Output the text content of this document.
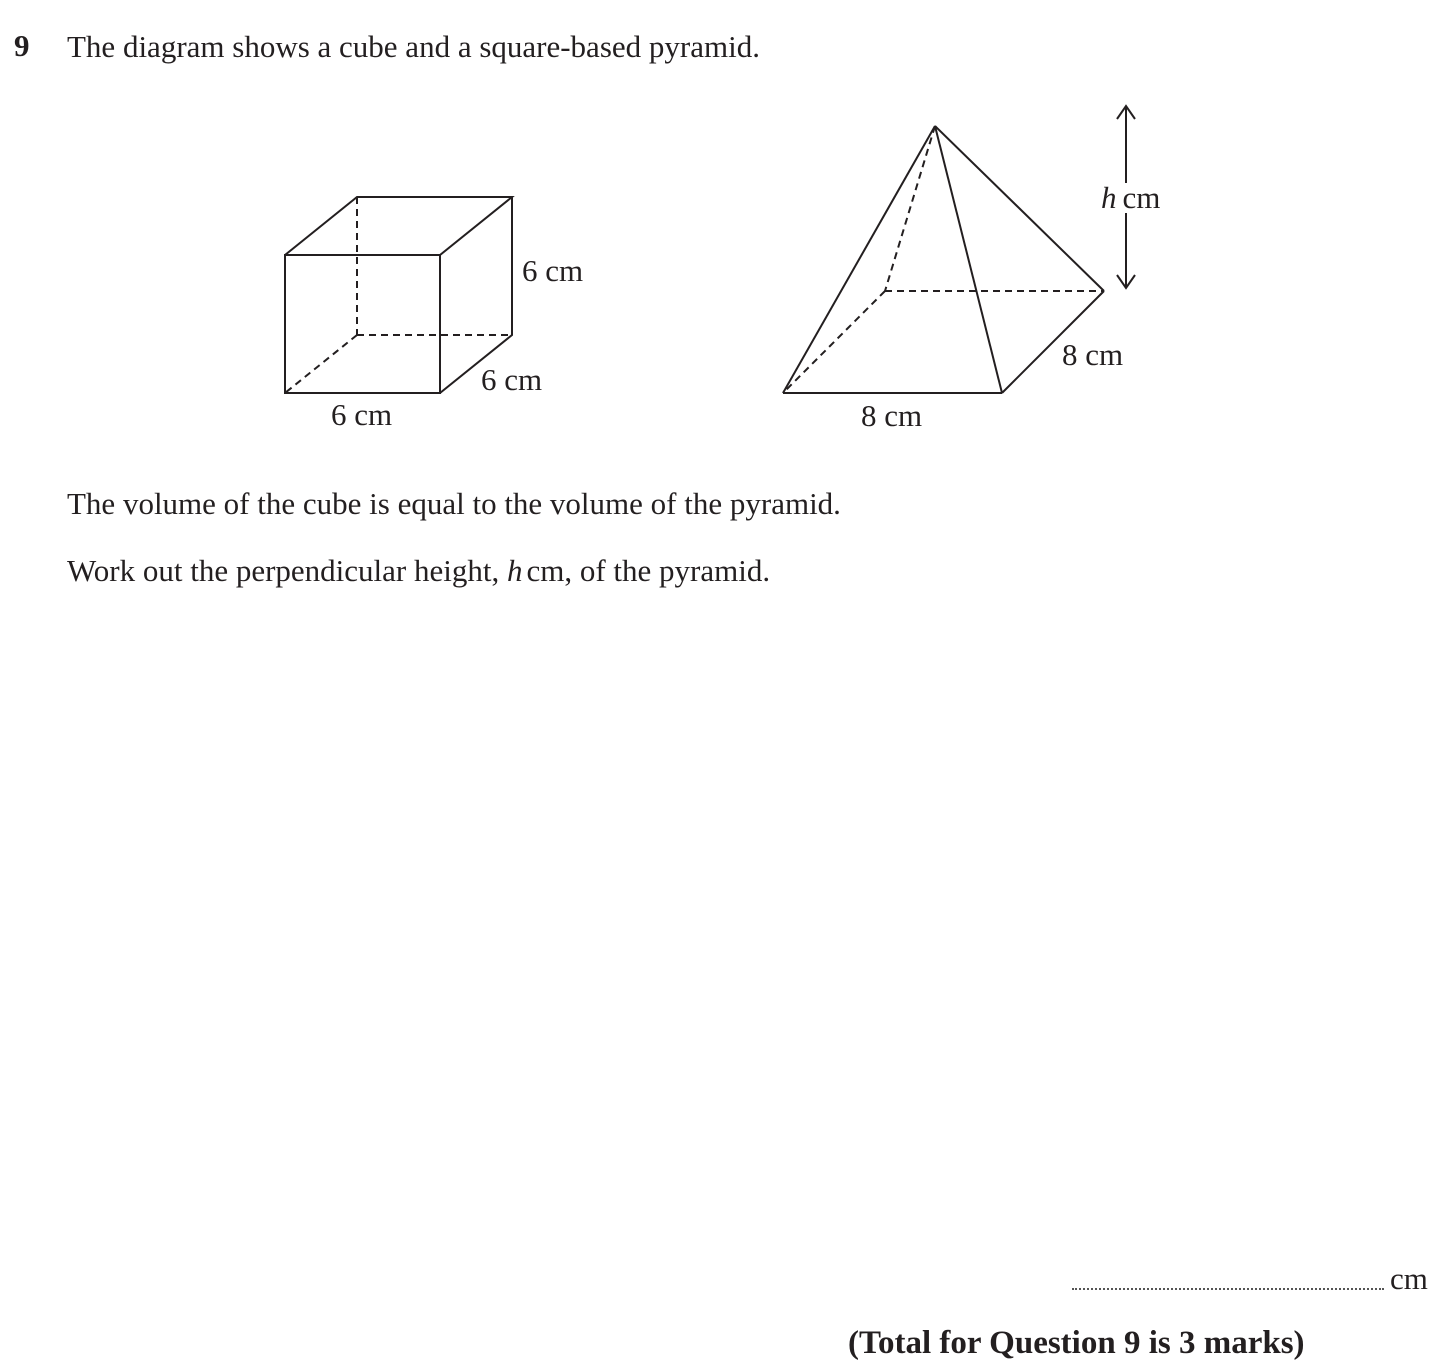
9 The diagram shows a cube and a square-based pyramid.
6 cm
6 cm
6 cm
h cm
8 cm
8 cm
The volume of the cube is equal to the volume of the pyramid.
Work out the perpendicular height, h cm, of the pyramid.
cm
(Total for Question 9 is 3 marks)
